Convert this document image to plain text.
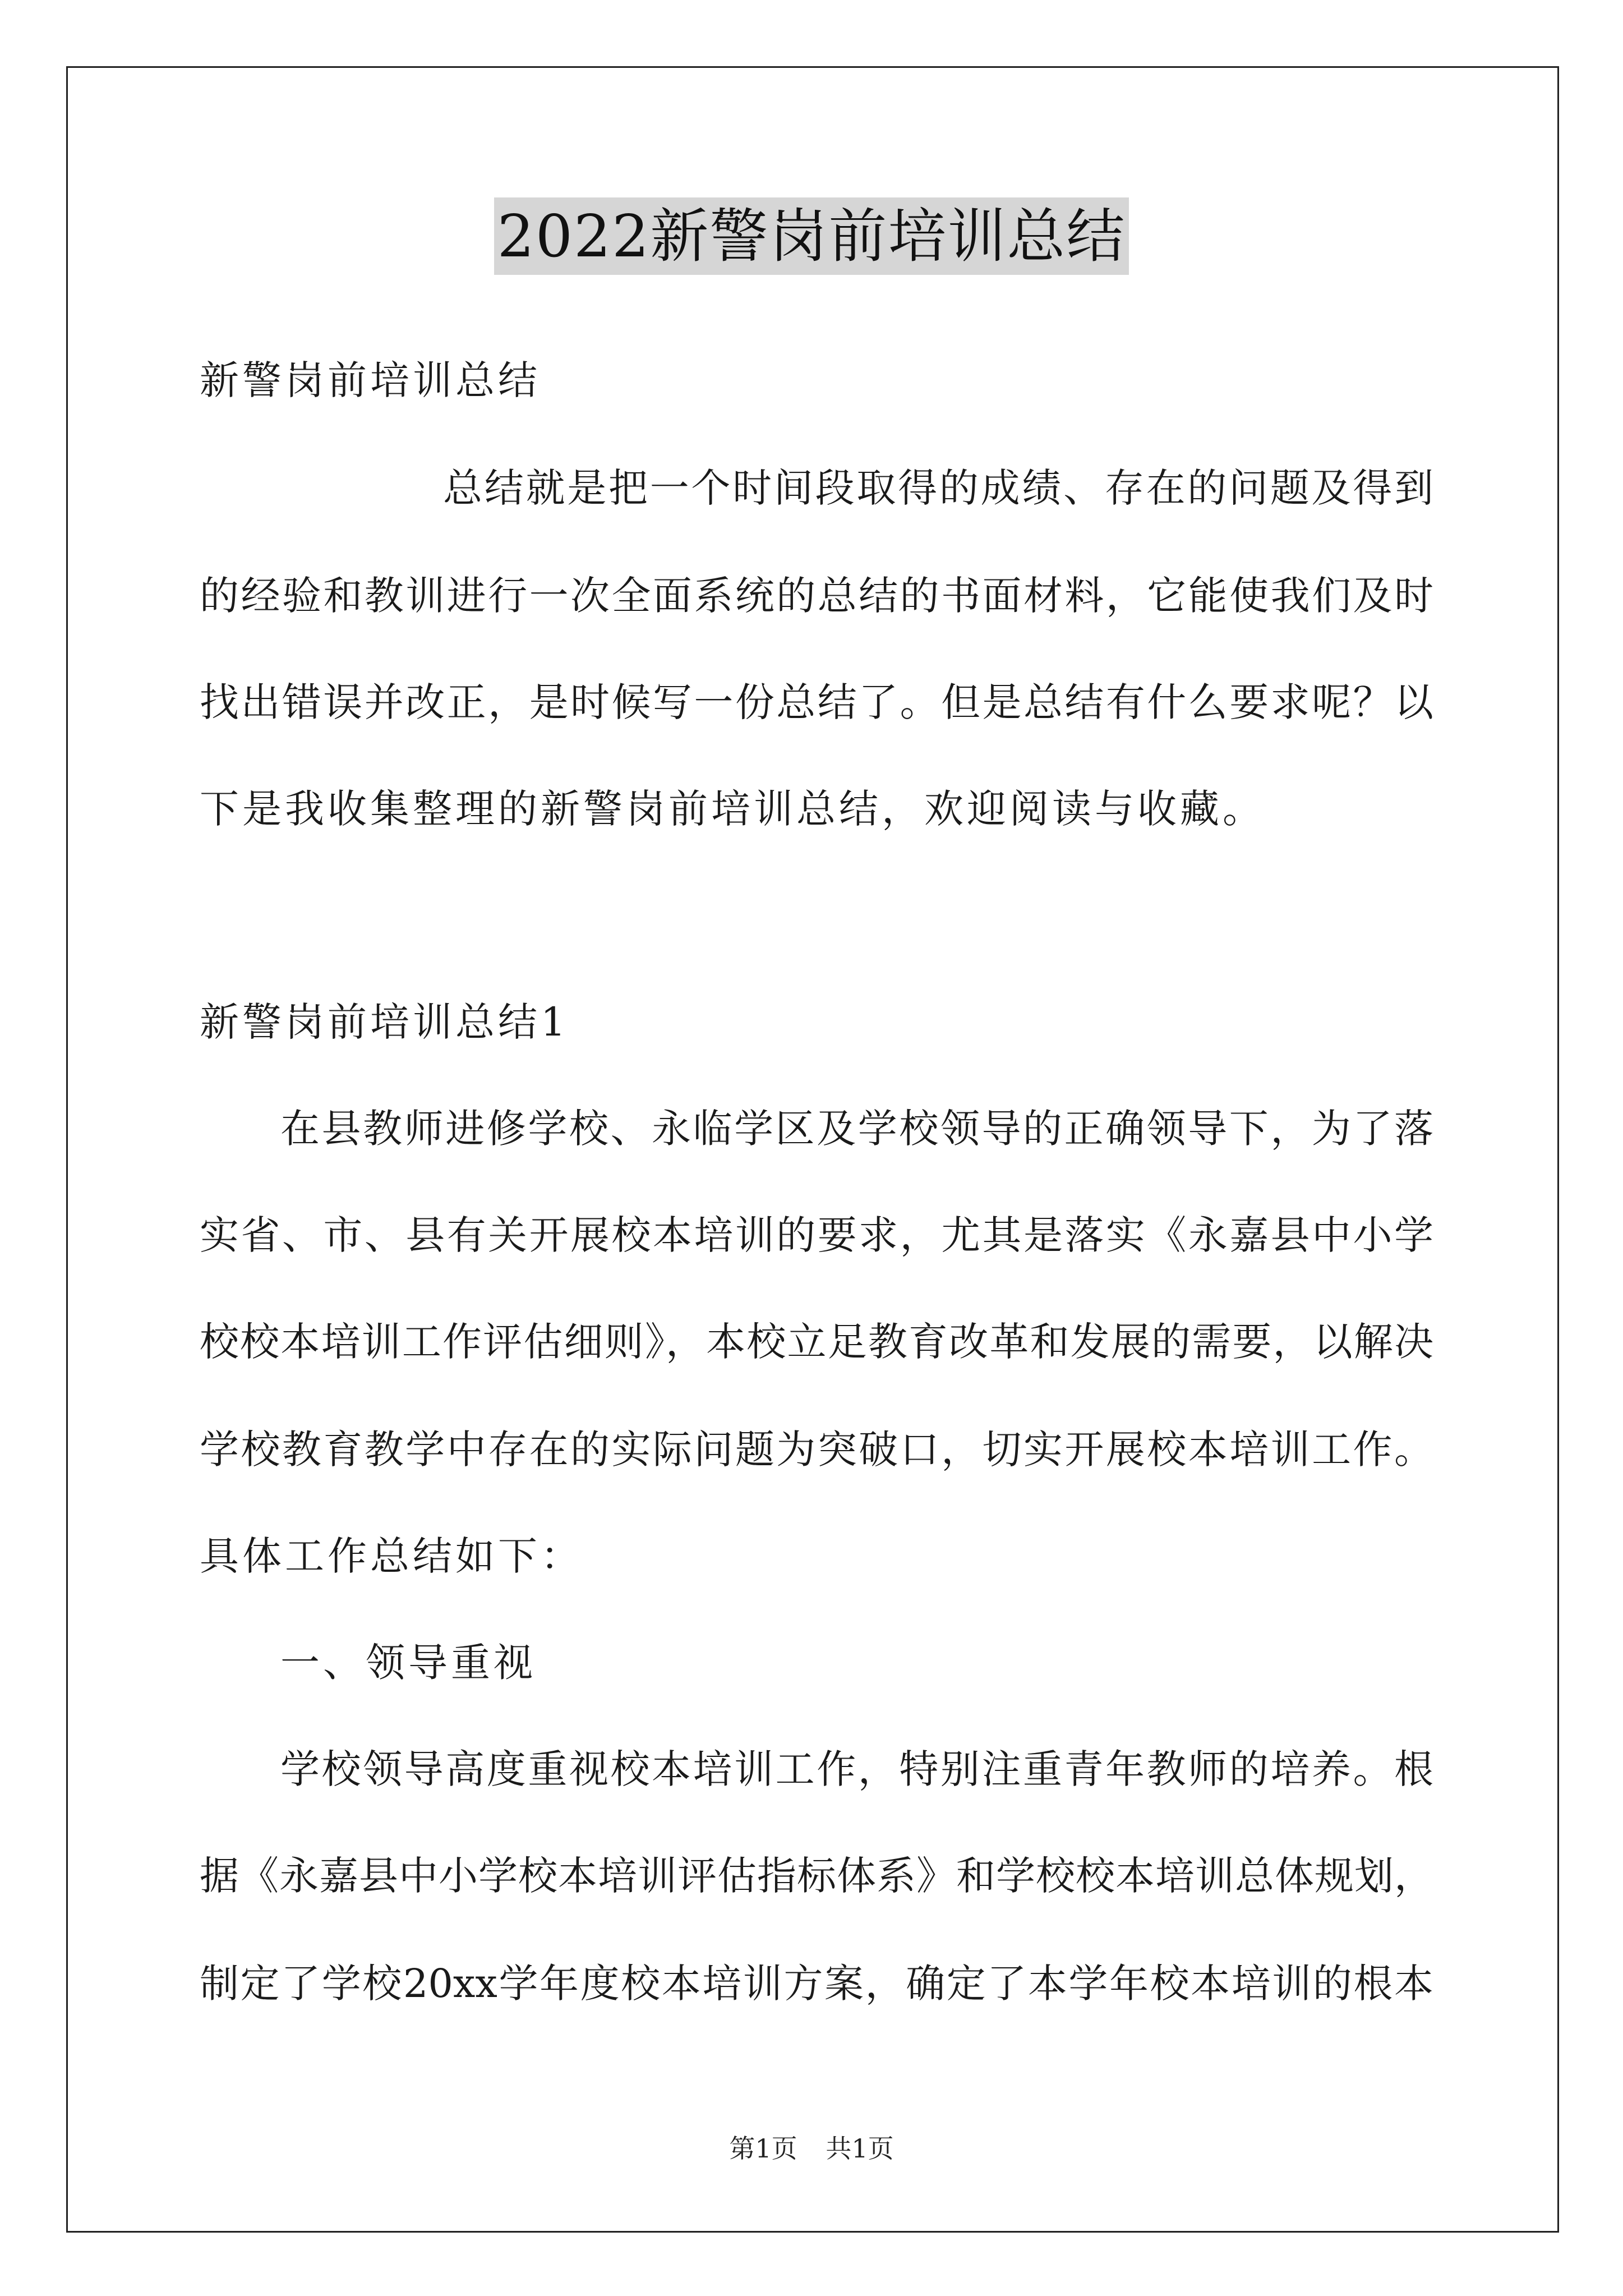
2022新警岗前培训总结
新警岗前培训总结
总结就是把一个时间段取得的成绩、存在的问题及得到
的经验和教训进行一次全面系统的总结的书面材料，它能使我们及时
找出错误并改正，是时候写一份总结了。但是总结有什么要求呢？以
下是我收集整理的新警岗前培训总结，欢迎阅读与收藏。
新警岗前培训总结1
在县教师进修学校、永临学区及学校领导的正确领导下，为了落
实省、市、县有关开展校本培训的要求，尤其是落实《永嘉县中小学
校校本培训工作评估细则》，本校立足教育改革和发展的需要，以解决
学校教育教学中存在的实际问题为突破口，切实开展校本培训工作。
具体工作总结如下：
一、领导重视
学校领导高度重视校本培训工作，特别注重青年教师的培养。根
据《永嘉县中小学校本培训评估指标体系》和学校校本培训总体规划，
制定了学校20xx学年度校本培训方案，确定了本学年校本培训的根本
第1页 共1页
